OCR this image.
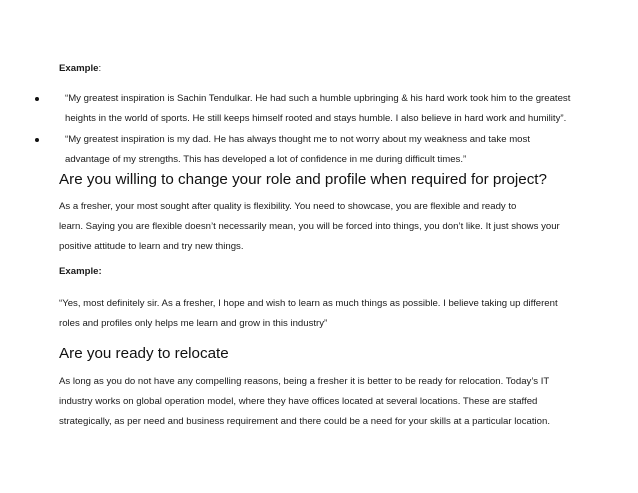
Example:
“My greatest inspiration is Sachin Tendulkar. He had such a humble upbringing & his hard work took him to the greatest
heights in the world of sports. He still keeps himself rooted and stays humble. I also believe in hard work and humility”.
“My greatest inspiration is my dad. He has always thought me to not worry about my weakness and take most
advantage of my strengths. This has developed a lot of confidence in me during difficult times.”
Are you willing to change your role and profile when required for project?

As a fresher, your most sought after quality is flexibility. You need to showcase, you are flexible and ready to
learn. Saying you are flexible doesn’t necessarily mean, you will be forced into things, you don’t like. It just shows your
positive attitude to learn and try new things.

Example:

“Yes, most definitely sir. As a fresher, I hope and wish to learn as much things as possible. I believe taking up different
roles and profiles only helps me learn and grow in this industry”

Are you ready to relocate

As long as you do not have any compelling reasons, being a fresher it is better to be ready for relocation. Today’s IT
industry works on global operation model, where they have offices located at several locations. These are staffed
strategically, as per need and business requirement and there could be a need for your skills at a particular location.
